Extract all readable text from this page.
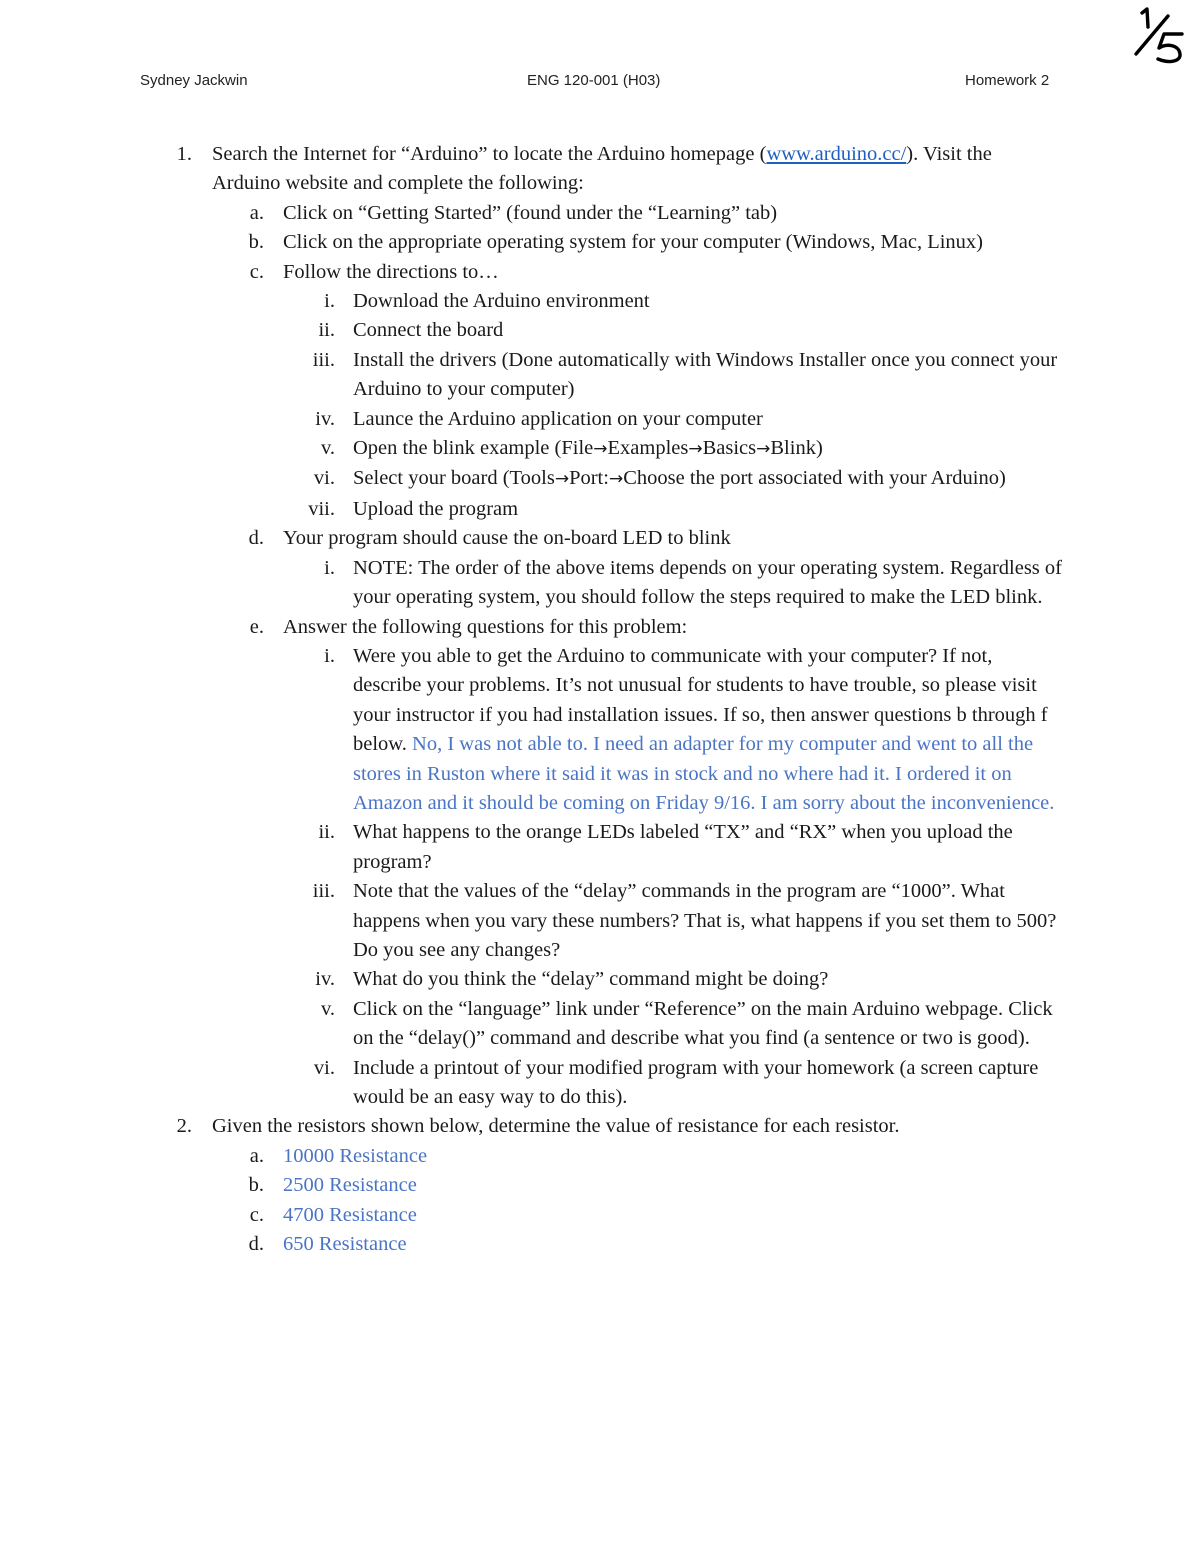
Sydney Jackwin	ENG 120-001 (H03)	Homework 2
1. Search the Internet for “Arduino” to locate the Arduino homepage (www.arduino.cc/). Visit the Arduino website and complete the following:
a. Click on “Getting Started” (found under the “Learning” tab)
b. Click on the appropriate operating system for your computer (Windows, Mac, Linux)
c. Follow the directions to…
i. Download the Arduino environment
ii. Connect the board
iii. Install the drivers (Done automatically with Windows Installer once you connect your Arduino to your computer)
iv. Launce the Arduino application on your computer
v. Open the blink example (File→Examples→Basics→Blink)
vi. Select your board (Tools→Port:→Choose the port associated with your Arduino)
vii. Upload the program
d. Your program should cause the on-board LED to blink
i. NOTE: The order of the above items depends on your operating system. Regardless of your operating system, you should follow the steps required to make the LED blink.
e. Answer the following questions for this problem:
i. Were you able to get the Arduino to communicate with your computer? If not, describe your problems. It’s not unusual for students to have trouble, so please visit your instructor if you had installation issues. If so, then answer questions b through f below. No, I was not able to. I need an adapter for my computer and went to all the stores in Ruston where it said it was in stock and no where had it. I ordered it on Amazon and it should be coming on Friday 9/16. I am sorry about the inconvenience.
ii. What happens to the orange LEDs labeled “TX” and “RX” when you upload the program?
iii. Note that the values of the “delay” commands in the program are “1000”. What happens when you vary these numbers? That is, what happens if you set them to 500? Do you see any changes?
iv. What do you think the “delay” command might be doing?
v. Click on the “language” link under “Reference” on the main Arduino webpage. Click on the “delay()” command and describe what you find (a sentence or two is good).
vi. Include a printout of your modified program with your homework (a screen capture would be an easy way to do this).
2. Given the resistors shown below, determine the value of resistance for each resistor.
a. 10000 Resistance
b. 2500 Resistance
c. 4700 Resistance
d. 650 Resistance
